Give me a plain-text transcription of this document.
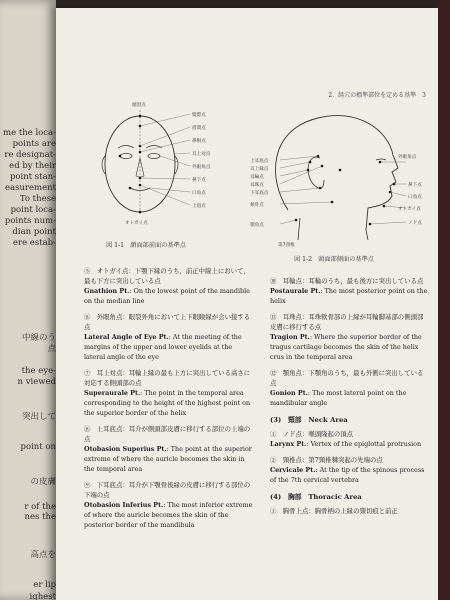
me the loca-
points are
re designat-
ed by their
point stan-
easurement
To these
point loca-
points num-
dian point
ere estab-
中線のう
点
the eye-
n viewed
突出して
point on
の皮膚
r of the
nes the
高点を
er lip
ighest
2．経穴の標準部位を定める基準　3
頭頂点
髪際点
眉間点
鼻根点
耳上対点
外眼角点
鼻下点
口角点
上唇点
オトガイ点
図 1-1　顔面部前面の基準点
上耳底点
耳上縁点
耳輪点
耳珠点
下耳底点
頬骨点
顎角点
外眼角点
鼻下点
口角点
オトガイ点
ノド点
第7頸椎
図 1-2　頭面部側面の基準点
⑤　オトガイ点：下顎下縁のうち，前正中線上において，最も下方に突出している点
Gnathion Pt.: On the lowest point of the mandible on the median line
⑥　外眼角点：眼裂外角において上下眼瞼縁が会い接する点
Lateral Angle of Eye Pt.: At the meeting of the margins of the upper and lower eyelids at the lateral angle of the eye
⑦　耳上対点：耳輪上縁の最も上方に突出している高さに対応する側頭部の点
Superaurale Pt.: The point in the temporal area corresponding to the height of the highest point on the superior border of the helix
⑧　上耳底点：耳介が側頭部皮膚に移行する部位の上端の点
Otobasion Superius Pt.: The point at the superior extreme of where the auricle becomes the skin in the temporal area
⑨　下耳底点：耳介が下顎骨後縁の皮膚に移行する部位の下端の点
Otobasion Inferius Pt.: The most inferior extreme of where the auricle becomes the skin of the posterior border of the mandibula
⑩　耳輪点：耳輪のうち，最も後方に突出している点
Postaurale Pt.: The most posterior point on the helix
⑪　耳珠点：耳珠軟骨部の上縁が耳輪脚基部の側頭部皮膚に移行する点
Tragion Pt.: Where the superior border of the tragus cartilage becomes the skin of the helix crus in the temporal area
⑫　顎角点：下顎角のうち，最も外側に突出している点
Gonion Pt.: The most lateral point on the mandibular angle
(3)　頸部　Neck Area
①　ノド点：喉頭隆起の頂点
Larynx Pt.: Vertex of the epiglottal protrusion
②　頸椎点：第7頸椎棘突起の先端の点
Cervicale Pt.: At the tip of the spinous process of the 7th cervical vertebra
(4)　胸部　Thoracic Area
①　胸骨上点：胸骨柄の上縁の頸切痕と前正
